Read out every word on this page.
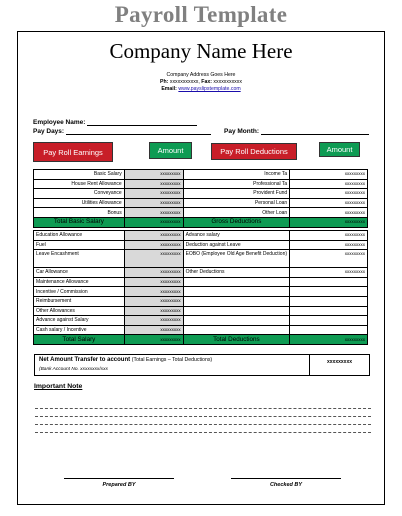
Payroll Template
Company Name Here
Company Address Goes Here
Ph: xxxxxxxxxxx, Fax: xxxxxxxxxxx
Email: www.payslipstemplate.com
Employee Name:
Pay Days:	Pay Month:
Pay Roll Earnings	Amount	Pay Roll Deductions	Amount
Basic Salary	xxxxxxxxx	Income Ta	xxxxxxxxx
House Rent Allowance	xxxxxxxxx	Professional Ta	xxxxxxxxx
Conveyance	xxxxxxxxx	Provident Fund	xxxxxxxxx
Utilities Allowance	xxxxxxxxx	Personal Loan	xxxxxxxxx
Bonus	xxxxxxxxx	Other Loan	xxxxxxxxx
Total Basic Salary	xxxxxxxxx	Gross Deductions	xxxxxxxxx
Education Allowance	xxxxxxxxx	Advance salary	xxxxxxxxx
Fuel	xxxxxxxxx	Deduction against Leave	xxxxxxxxx
Leave Encashment	xxxxxxxxx	EOBO (Employee Old Age Benefit Deduction)	xxxxxxxxx
Car Allowance	xxxxxxxxx	Other Deductions	xxxxxxxxx
Maintenance Allowance	xxxxxxxxx		
Incentive / Commission	xxxxxxxxx		
Reimbursement	xxxxxxxxx		
Other Allowances	xxxxxxxxx		
Advance against Salary	xxxxxxxxx		
Cash salary / Incentive	xxxxxxxxx		
Total Salary	xxxxxxxxx	Total Deductions	xxxxxxxxx
Net Amount Transfer to account (Total Earnings – Total Deductions)
(Bank Account No. xxxxxxxx/xxx
xxxxxxxxx
Important Note
Prepared BY	Checked BY
